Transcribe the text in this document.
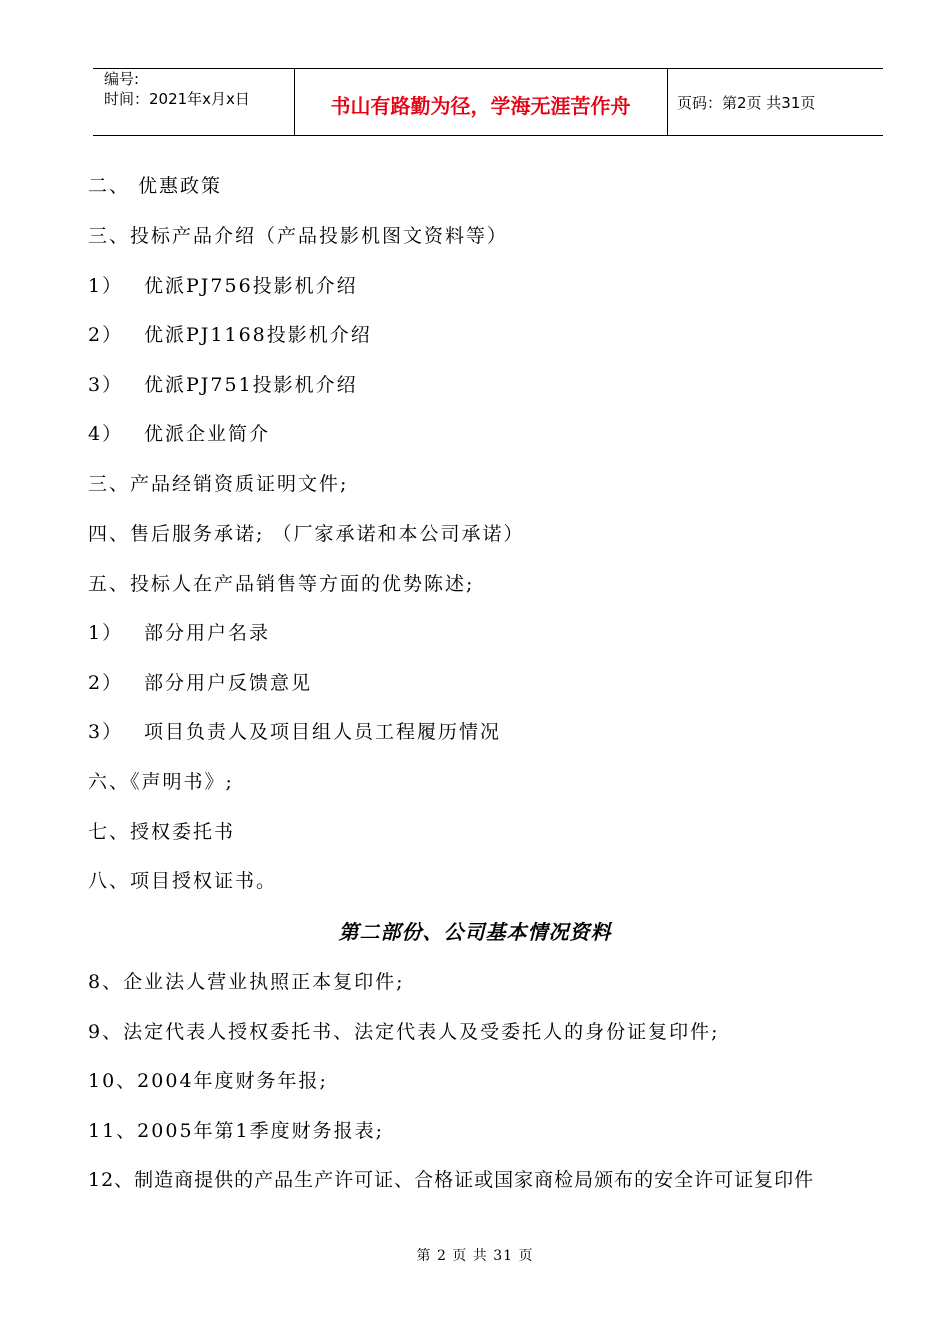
编号:
时间：2021年x月x日	书山有路勤为径，学海无涯苦作舟	页码：第2页 共31页
二、 优惠政策
三、投标产品介绍（产品投影机图文资料等）
1） 优派PJ756投影机介绍
2） 优派PJ1168投影机介绍
3） 优派PJ751投影机介绍
4） 优派企业简介
三、产品经销资质证明文件;
四、售后服务承诺; （厂家承诺和本公司承诺）
五、投标人在产品销售等方面的优势陈述;
1） 部分用户名录
2） 部分用户反馈意见
3） 项目负责人及项目组人员工程履历情况
六、《声明书》;
七、授权委托书
八、项目授权证书。
第二部份、公司基本情况资料
8、企业法人营业执照正本复印件;
9、法定代表人授权委托书、法定代表人及受委托人的身份证复印件;
10、2004年度财务年报;
11、2005年第1季度财务报表;
12、制造商提供的产品生产许可证、合格证或国家商检局颁布的安全许可证复印件
第 2 页 共 31 页
